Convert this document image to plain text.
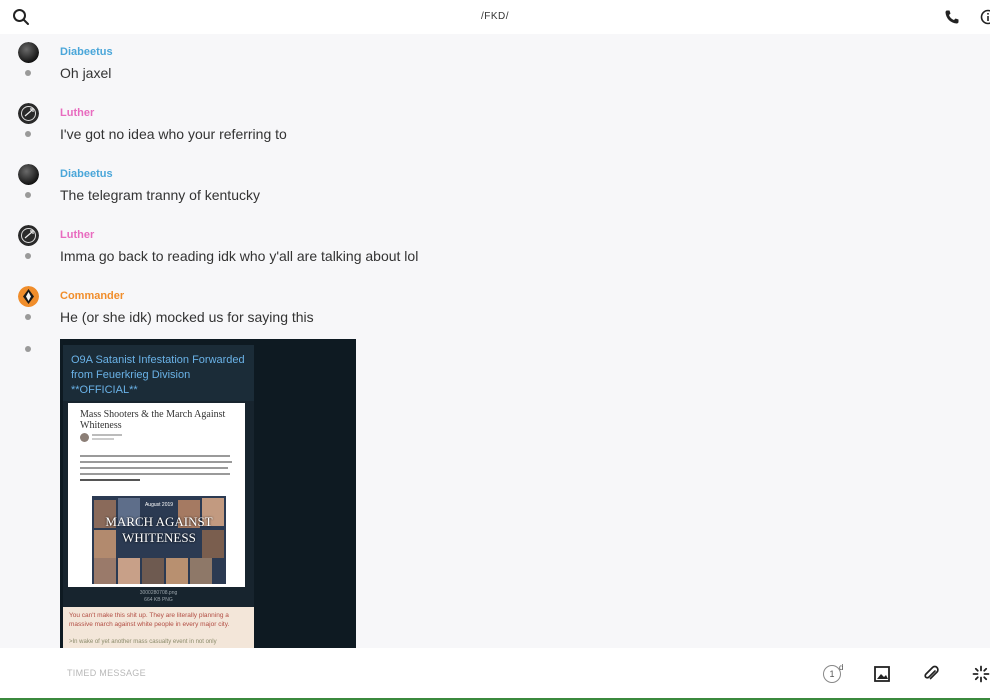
/FKD/
Diabeetus
Oh jaxel
Luther
I've got no idea who your referring to
Diabeetus
The telegram tranny of kentucky
Luther
Imma go back to reading idk who y'all are talking about lol
Commander
He (or she idk) mocked us for saying this
O9A Satanist Infestation Forwarded from Feuerkrieg Division **OFFICIAL**
Mass Shooters & the March Against Whiteness
August 2019
MARCH AGAINST WHITENESS
3000280708.png
664 KB PNG
You can't make this shit up. They are literally planning a massive march against white people in every major city.
>In wake of yet another mass casualty event in not only
TIMED MESSAGE	1
d
